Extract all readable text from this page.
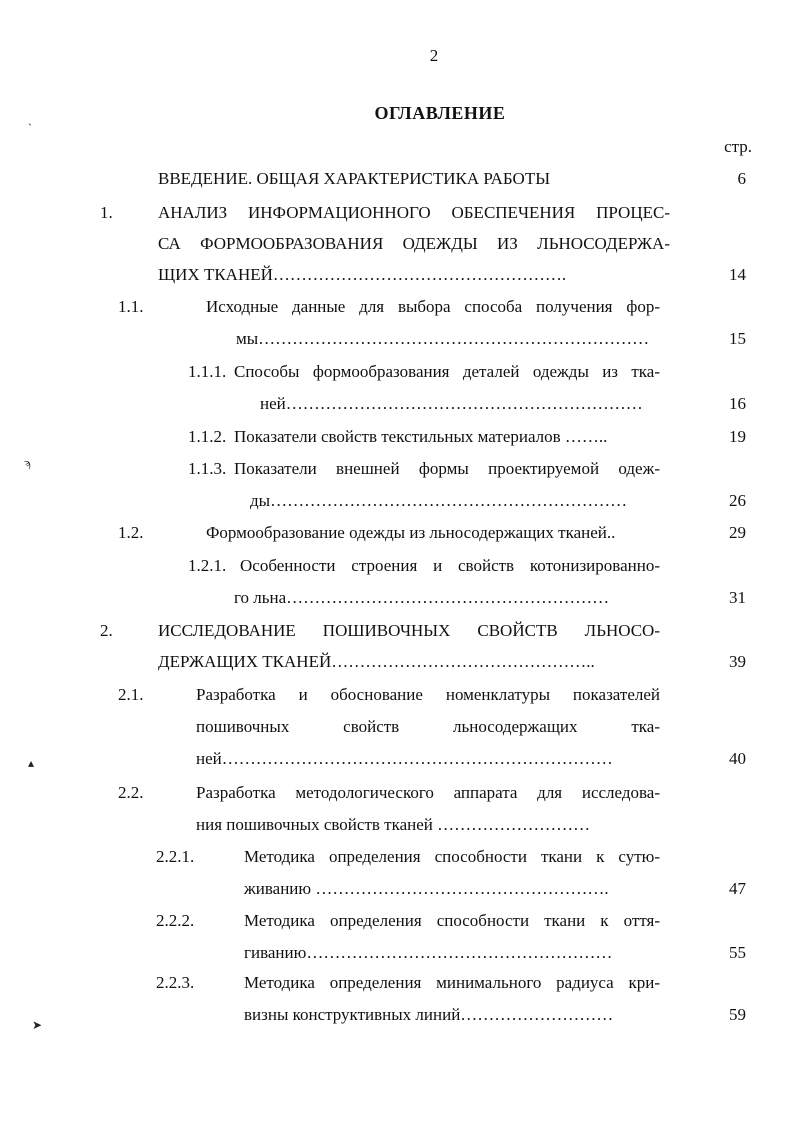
2
ОГЛАВЛЕНИЕ
стр.
ВВЕДЕНИЕ. ОБЩАЯ ХАРАКТЕРИСТИКА РАБОТЫ	6
1.	АНАЛИЗ ИНФОРМАЦИОННОГО ОБЕСПЕЧЕНИЯ ПРОЦЕС-
СА ФОРМООБРАЗОВАНИЯ ОДЕЖДЫ ИЗ ЛЬНОСОДЕРЖА-
ЩИХ ТКАНЕЙ…………………………………………….	14
1.1.	Исходные данные для выбора способа получения фор-
мы……………………………………………………………	15
1.1.1. Способы формообразования деталей одежды из тка-
ней………………………………………………………	16
1.1.2. Показатели свойств текстильных материалов ……..	19
1.1.3. Показатели внешней формы проектируемой одеж-
ды………………………………………………………	26
1.2.	Формообразование одежды из льносодержащих тканей..	29
1.2.1. Особенности строения и свойств котонизированно-
го льна…………………………………………………	31
2.	ИССЛЕДОВАНИЕ ПОШИВОЧНЫХ СВОЙСТВ ЛЬНОСО-
ДЕРЖАЩИХ ТКАНЕЙ………………………………………..	39
2.1.	Разработка и обоснование номенклатуры показателей
пошивочных свойств льносодержащих тка-
ней……………………………………………………………	40
2.2.	Разработка методологического аппарата для исследова-
ния пошивочных свойств тканей ………………………
2.2.1.	Методика определения способности ткани к сутю-
живанию …………………………………………….	47
2.2.2.	Методика определения способности ткани к оття-
гиванию………………………………………………	55
2.2.3.	Методика определения минимального радиуса кри-
визны конструктивных линий………………………	59
ˎ
ϡ
▴
➤
